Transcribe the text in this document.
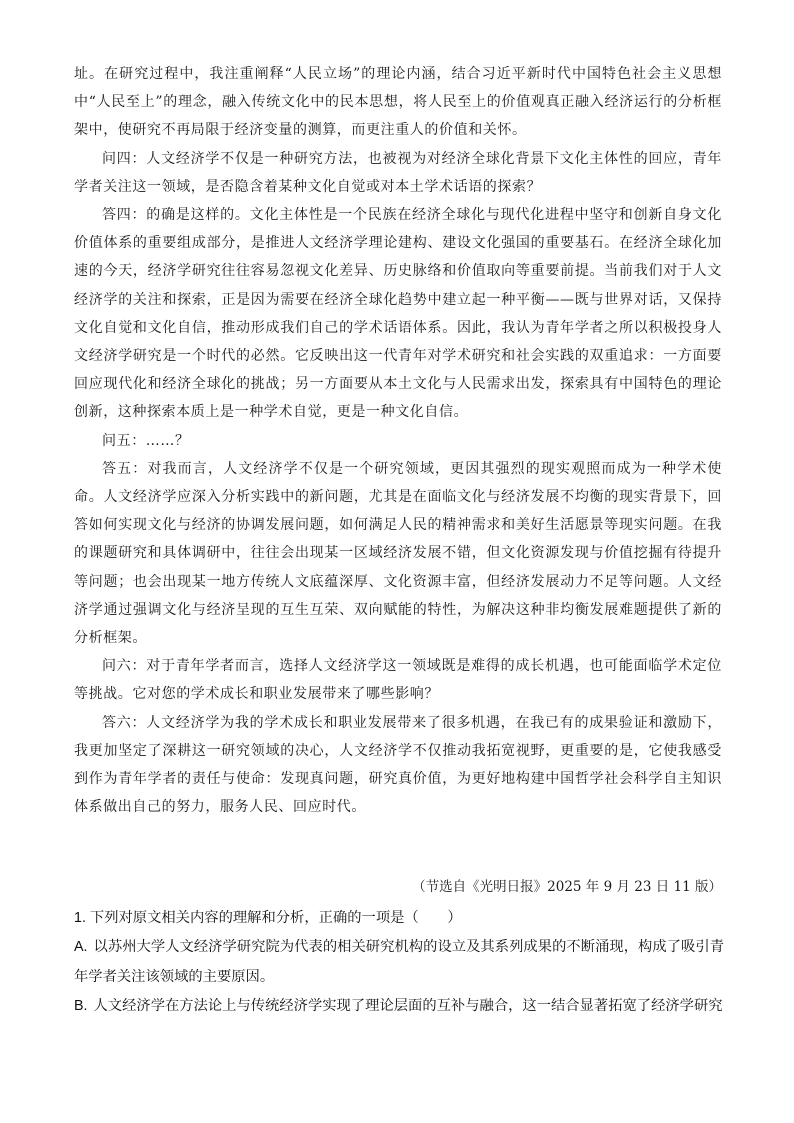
址。在研究过程中，我注重阐释“人民立场”的理论内涵，结合习近平新时代中国特色社会主义思想中“人民至上”的理念，融入传统文化中的民本思想，将人民至上的价值观真正融入经济运行的分析框架中，使研究不再局限于经济变量的测算，而更注重人的价值和关怀。

问四：人文经济学不仅是一种研究方法，也被视为对经济全球化背景下文化主体性的回应，青年学者关注这一领域，是否隐含着某种文化自觉或对本土学术话语的探索？

答四：的确是这样的。文化主体性是一个民族在经济全球化与现代化进程中坚守和创新自身文化价值体系的重要组成部分，是推进人文经济学理论建构、建设文化强国的重要基石。在经济全球化加速的今天，经济学研究往往容易忽视文化差异、历史脉络和价值取向等重要前提。当前我们对于人文经济学的关注和探索，正是因为需要在经济全球化趋势中建立起一种平衡——既与世界对话，又保持文化自觉和文化自信，推动形成我们自己的学术话语体系。因此，我认为青年学者之所以积极投身人文经济学研究是一个时代的必然。它反映出这一代青年对学术研究和社会实践的双重追求：一方面要回应现代化和经济全球化的挑战；另一方面要从本土文化与人民需求出发，探索具有中国特色的理论创新，这种探索本质上是一种学术自觉，更是一种文化自信。

问五：……？

答五：对我而言，人文经济学不仅是一个研究领域，更因其强烈的现实观照而成为一种学术使命。人文经济学应深入分析实践中的新问题，尤其是在面临文化与经济发展不均衡的现实背景下，回答如何实现文化与经济的协调发展问题，如何满足人民的精神需求和美好生活愿景等现实问题。在我的课题研究和具体调研中，往往会出现某一区域经济发展不错，但文化资源发现与价值挖掘有待提升等问题；也会出现某一地方传统人文底蕴深厚、文化资源丰富，但经济发展动力不足等问题。人文经济学通过强调文化与经济呈现的互生互荣、双向赋能的特性，为解决这种非均衡发展难题提供了新的分析框架。

问六：对于青年学者而言，选择人文经济学这一领域既是难得的成长机遇，也可能面临学术定位等挑战。它对您的学术成长和职业发展带来了哪些影响？

答六：人文经济学为我的学术成长和职业发展带来了很多机遇，在我已有的成果验证和激励下，我更加坚定了深耕这一研究领域的决心，人文经济学不仅推动我拓宽视野，更重要的是，它使我感受到作为青年学者的责任与使命：发现真问题，研究真价值，为更好地构建中国哲学社会科学自主知识体系做出自己的努力，服务人民、回应时代。

（节选自《光明日报》2025 年 9 月 23 日 11 版）

1. 下列对原文相关内容的理解和分析，正确的一项是（　　）

A. 以苏州大学人文经济学研究院为代表的相关研究机构的设立及其系列成果的不断涌现，构成了吸引青年学者关注该领域的主要原因。

B. 人文经济学在方法论上与传统经济学实现了理论层面的互补与融合，这一结合显著拓宽了经济学研究
